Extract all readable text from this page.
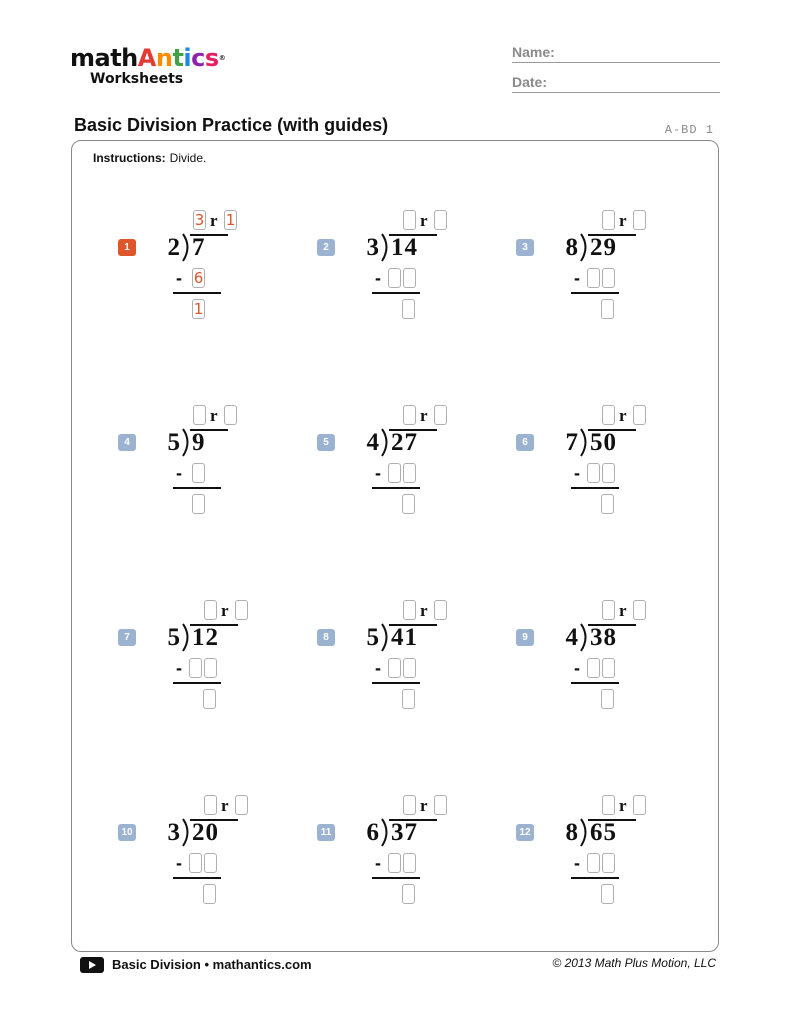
mathAntics®
Worksheets
Name:
Date:
Basic Division Practice (with guides)	A-BD 1
Instructions: Divide.
1	2 7
3 r 1
- 6
1
2	3 14
r
-
3	8 29
r
-
4	5 9
r
-
5	4 27
r
-
6	7 50
r
-
7	5 12
r
-
8	5 41
r
-
9	4 38
r
-
10	3 20
r
-
11	6 37
r
-
12	8 65
r
-
Basic Division • mathantics.com	© 2013 Math Plus Motion, LLC
